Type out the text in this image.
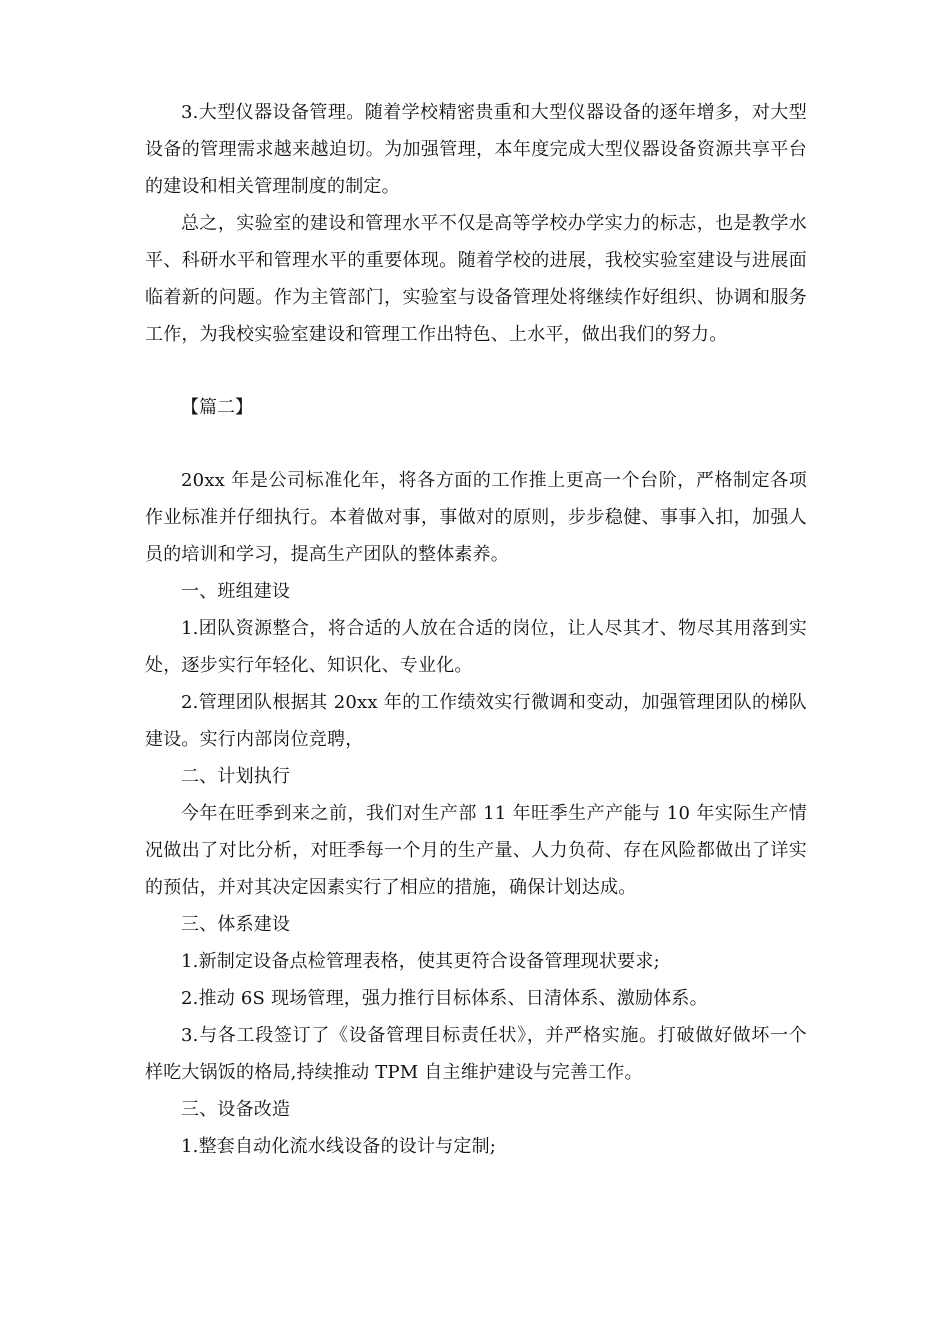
3.大型仪器设备管理。随着学校精密贵重和大型仪器设备的逐年增多，对大型设备的管理需求越来越迫切。为加强管理，本年度完成大型仪器设备资源共享平台的建设和相关管理制度的制定。

总之，实验室的建设和管理水平不仅是高等学校办学实力的标志，也是教学水平、科研水平和管理水平的重要体现。随着学校的进展，我校实验室建设与进展面临着新的问题。作为主管部门，实验室与设备管理处将继续作好组织、协调和服务工作，为我校实验室建设和管理工作出特色、上水平，做出我们的努力。

【篇二】

20xx 年是公司标准化年，将各方面的工作推上更高一个台阶，严格制定各项作业标准并仔细执行。本着做对事，事做对的原则，步步稳健、事事入扣，加强人员的培训和学习，提高生产团队的整体素养。

一、班组建设

1.团队资源整合，将合适的人放在合适的岗位，让人尽其才、物尽其用落到实处，逐步实行年轻化、知识化、专业化。

2.管理团队根据其 20xx 年的工作绩效实行微调和变动，加强管理团队的梯队建设。实行内部岗位竞聘，

二、计划执行

今年在旺季到来之前，我们对生产部 11 年旺季生产产能与 10 年实际生产情况做出了对比分析，对旺季每一个月的生产量、人力负荷、存在风险都做出了详实的预估，并对其决定因素实行了相应的措施，确保计划达成。

三、体系建设

1.新制定设备点检管理表格，使其更符合设备管理现状要求;

2.推动 6S 现场管理，强力推行目标体系、日清体系、激励体系。

3.与各工段签订了《设备管理目标责任状》，并严格实施。打破做好做坏一个样吃大锅饭的格局,持续推动 TPM 自主维护建设与完善工作。

三、设备改造

1.整套自动化流水线设备的设计与定制;
